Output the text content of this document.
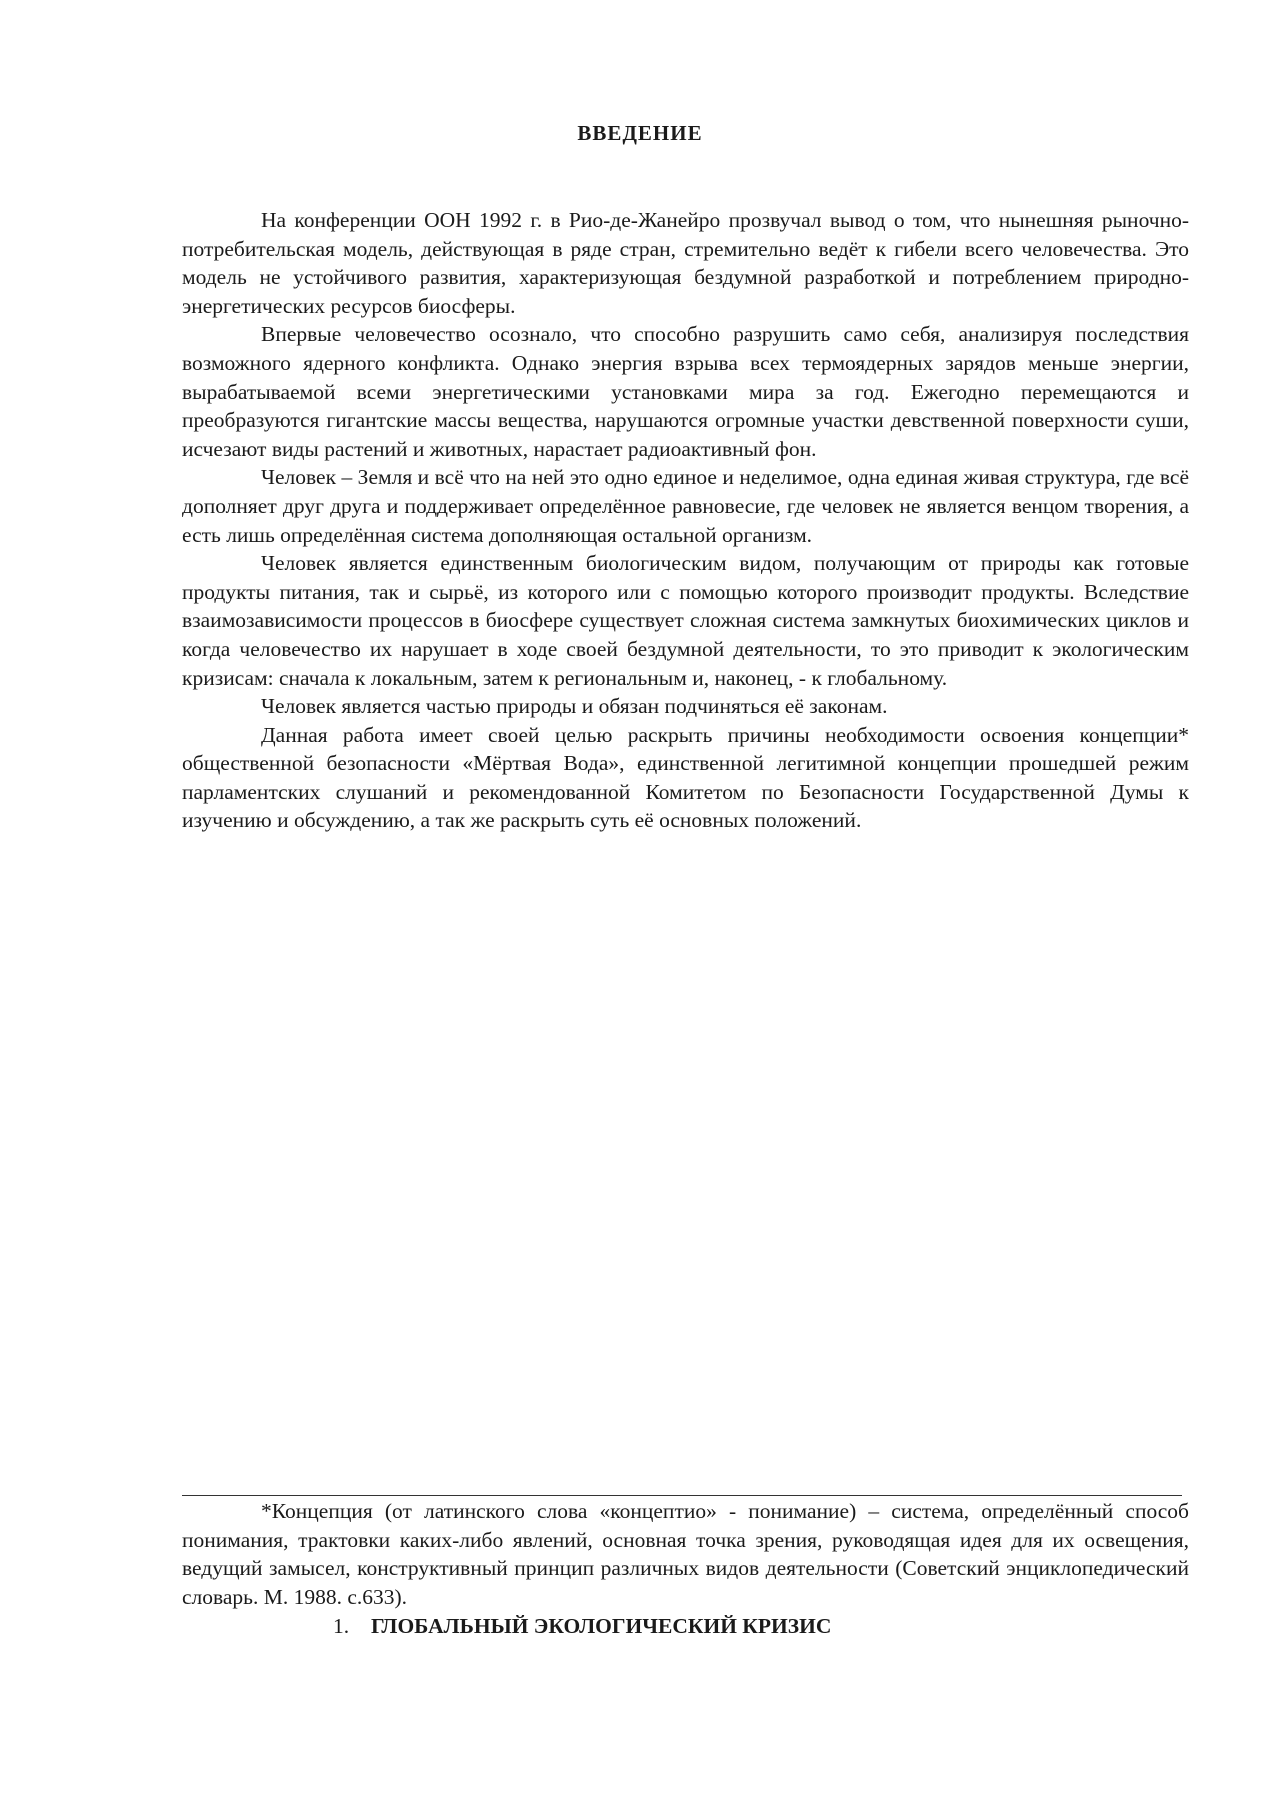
ВВЕДЕНИЕ

На конференции ООН 1992 г. в Рио-де-Жанейро прозвучал вывод о том, что нынешняя рыночно-потребительская модель, действующая в ряде стран, стремительно ведёт к гибели всего человечества. Это модель не устойчивого развития, характеризующая бездумной разработкой и потреблением природно-энергетических ресурсов биосферы.

Впервые человечество осознало, что способно разрушить само себя, анализируя последствия возможного ядерного конфликта. Однако энергия взрыва всех термоядерных зарядов меньше энергии, вырабатываемой всеми энергетическими установками мира за год. Ежегодно перемещаются и преобразуются гигантские массы вещества, нарушаются огромные участки девственной поверхности суши, исчезают виды растений и животных, нарастает радиоактивный фон.

Человек – Земля и всё что на ней это одно единое и неделимое, одна единая живая структура, где всё дополняет друг друга и поддерживает определённое равновесие, где человек не является венцом творения, а есть лишь определённая система дополняющая остальной организм.

Человек является единственным биологическим видом, получающим от природы как готовые продукты питания, так и сырьё, из которого или с помощью которого производит продукты. Вследствие взаимозависимости процессов в биосфере существует сложная система замкнутых биохимических циклов и когда человечество их нарушает в ходе своей бездумной деятельности, то это приводит к экологическим кризисам: сначала к локальным, затем к региональным и, наконец, - к глобальному.

Человек является частью природы и обязан подчиняться её законам.

Данная работа имеет своей целью раскрыть причины необходимости освоения концепции* общественной безопасности «Мёртвая Вода», единственной легитимной концепции прошедшей режим парламентских слушаний и рекомендованной Комитетом по Безопасности Государственной Думы к изучению и обсуждению, а так же раскрыть суть её основных положений.

*Концепция (от латинского слова «концептио» - понимание) – система, определённый способ понимания, трактовки каких-либо явлений, основная точка зрения, руководящая идея для их освещения, ведущий замысел, конструктивный принцип различных видов деятельности (Советский энциклопедический словарь. М. 1988. с.633).

1. ГЛОБАЛЬНЫЙ ЭКОЛОГИЧЕСКИЙ КРИЗИС
